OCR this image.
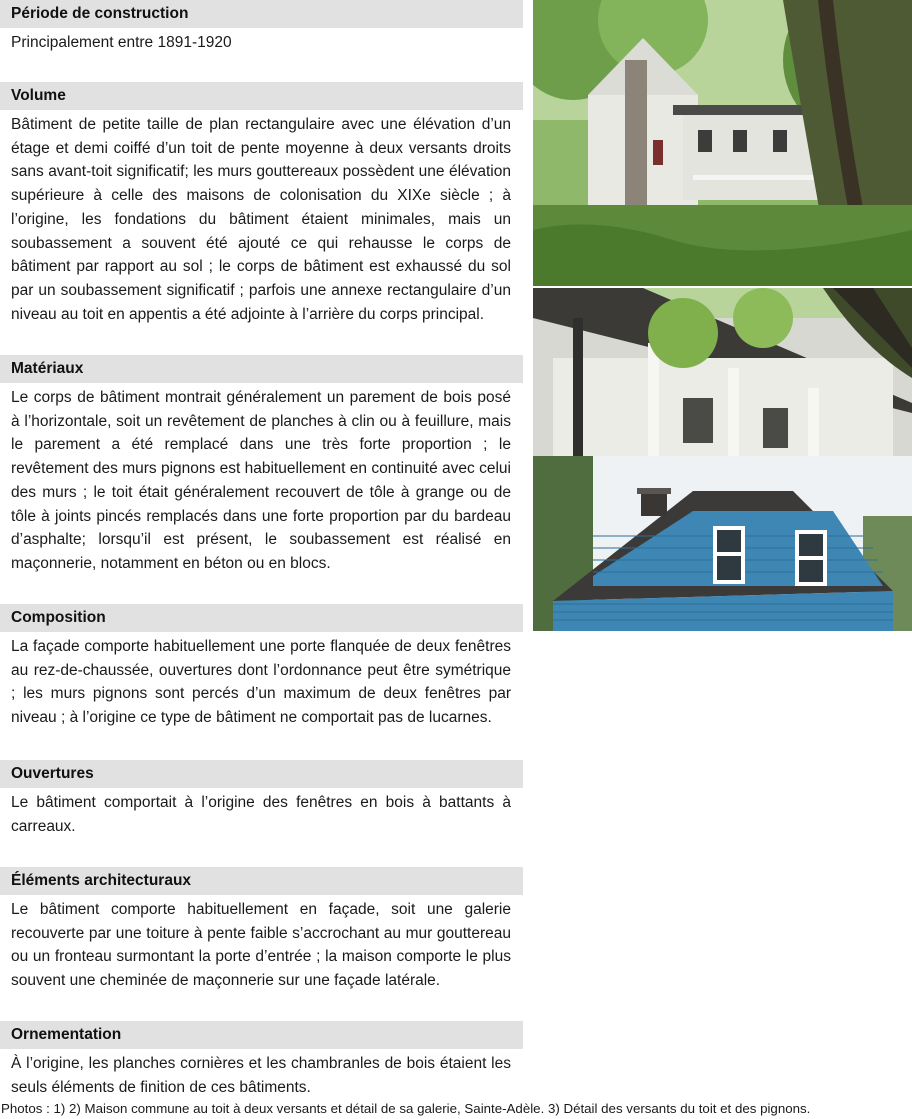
Période de construction
Principalement entre 1891-1920
Volume
Bâtiment de petite taille de plan rectangulaire avec une élévation d’un étage et demi coiffé d’un toit de pente moyenne à deux versants droits sans avant-toit significatif; les murs gouttereaux possèdent une élévation supérieure à celle des maisons de colonisation du XIXe siècle ; à l’origine, les fondations du bâtiment étaient minimales, mais un soubassement a souvent été ajouté ce qui rehausse le corps de bâtiment par rapport au sol ; le corps de bâtiment est exhaussé du sol par un soubassement significatif ; parfois une annexe rectangulaire d’un niveau au toit en appentis a été adjointe à l’arrière du corps principal.
Matériaux
Le corps de bâtiment montrait généralement un parement de bois posé à l’horizontale, soit un revêtement de planches à clin ou à feuillure, mais le parement a été remplacé dans une très forte proportion ; le revêtement des murs pignons est habituellement en continuité avec celui des murs ; le toit était généralement recouvert de tôle à grange ou de tôle à joints pincés remplacés dans une forte proportion par du bardeau d’asphalte; lorsqu’il est présent, le soubassement est réalisé en maçonnerie, notamment en béton ou en blocs.
Composition
La façade comporte habituellement une porte flanquée de deux fenêtres au rez-de-chaussée, ouvertures dont l’ordonnance peut être symétrique ; les murs pignons sont percés d’un maximum de deux fenêtres par niveau ; à l’origine ce type de bâtiment ne comportait pas de lucarnes.
Ouvertures
Le bâtiment comportait à l’origine des fenêtres en bois à battants à carreaux.
Éléments architecturaux
Le bâtiment comporte habituellement en façade, soit une galerie recouverte par une toiture à pente faible s’accrochant au mur gouttereau ou un fronteau surmontant la porte d’entrée ; la maison comporte le plus souvent une cheminée de maçonnerie sur une façade latérale.
Ornementation
À l’origine, les planches cornières et les chambranles de bois étaient les seuls éléments de finition de ces bâtiments.
Photos : 1) 2) Maison commune au toit à deux versants et détail de sa galerie, Sainte-Adèle. 3) Détail des versants du toit et des pignons.
